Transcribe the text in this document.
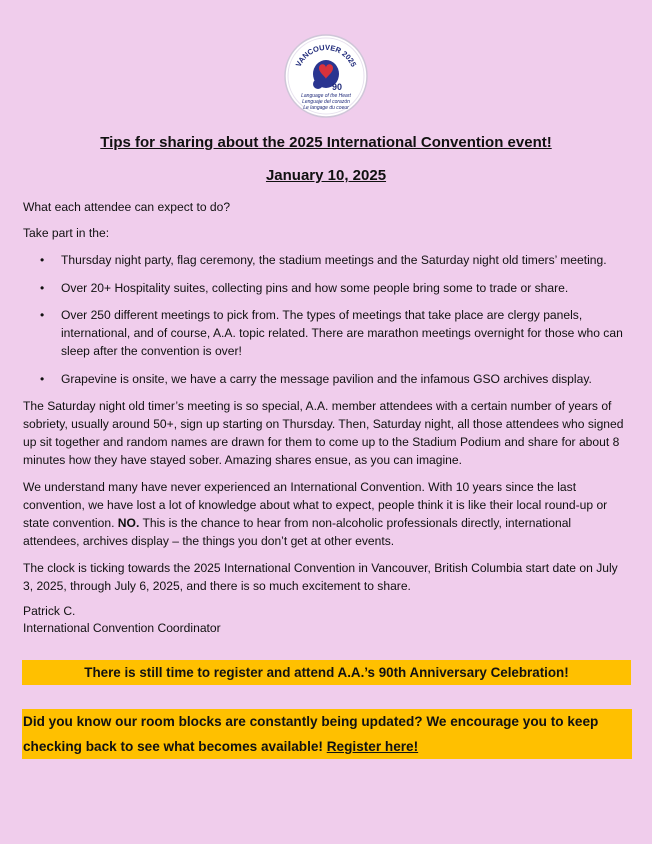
VANCOUVER 2025
90
Language of the Heart
Lenguaje del corazón
Le langage du coeur
Tips for sharing about the 2025 International Convention event!
January 10, 2025
What each attendee can expect to do?
Take part in the:
•	Thursday night party, flag ceremony, the stadium meetings and the Saturday night old timers’ meeting.
•	Over 20+ Hospitality suites, collecting pins and how some people bring some to trade or share.
•	Over 250 different meetings to pick from. The types of meetings that take place are clergy panels, international, and of course, A.A. topic related. There are marathon meetings overnight for those who can sleep after the convention is over!
•	Grapevine is onsite, we have a carry the message pavilion and the infamous GSO archives display.
The Saturday night old timer’s meeting is so special, A.A. member attendees with a certain number of years of sobriety, usually around 50+, sign up starting on Thursday. Then, Saturday night, all those attendees who signed up sit together and random names are drawn for them to come up to the Stadium Podium and share for about 8 minutes how they have stayed sober. Amazing shares ensue, as you can imagine.
We understand many have never experienced an International Convention. With 10 years since the last convention, we have lost a lot of knowledge about what to expect, people think it is like their local round-up or state convention. NO. This is the chance to hear from non-alcoholic professionals directly, international attendees, archives display – the things you don’t get at other events.
The clock is ticking towards the 2025 International Convention in Vancouver, British Columbia start date on July 3, 2025, through July 6, 2025, and there is so much excitement to share.
Patrick C.
International Convention Coordinator
There is still time to register and attend A.A.’s 90th Anniversary Celebration!
Did you know our room blocks are constantly being updated? We encourage you to keep checking back to see what becomes available! Register here!
